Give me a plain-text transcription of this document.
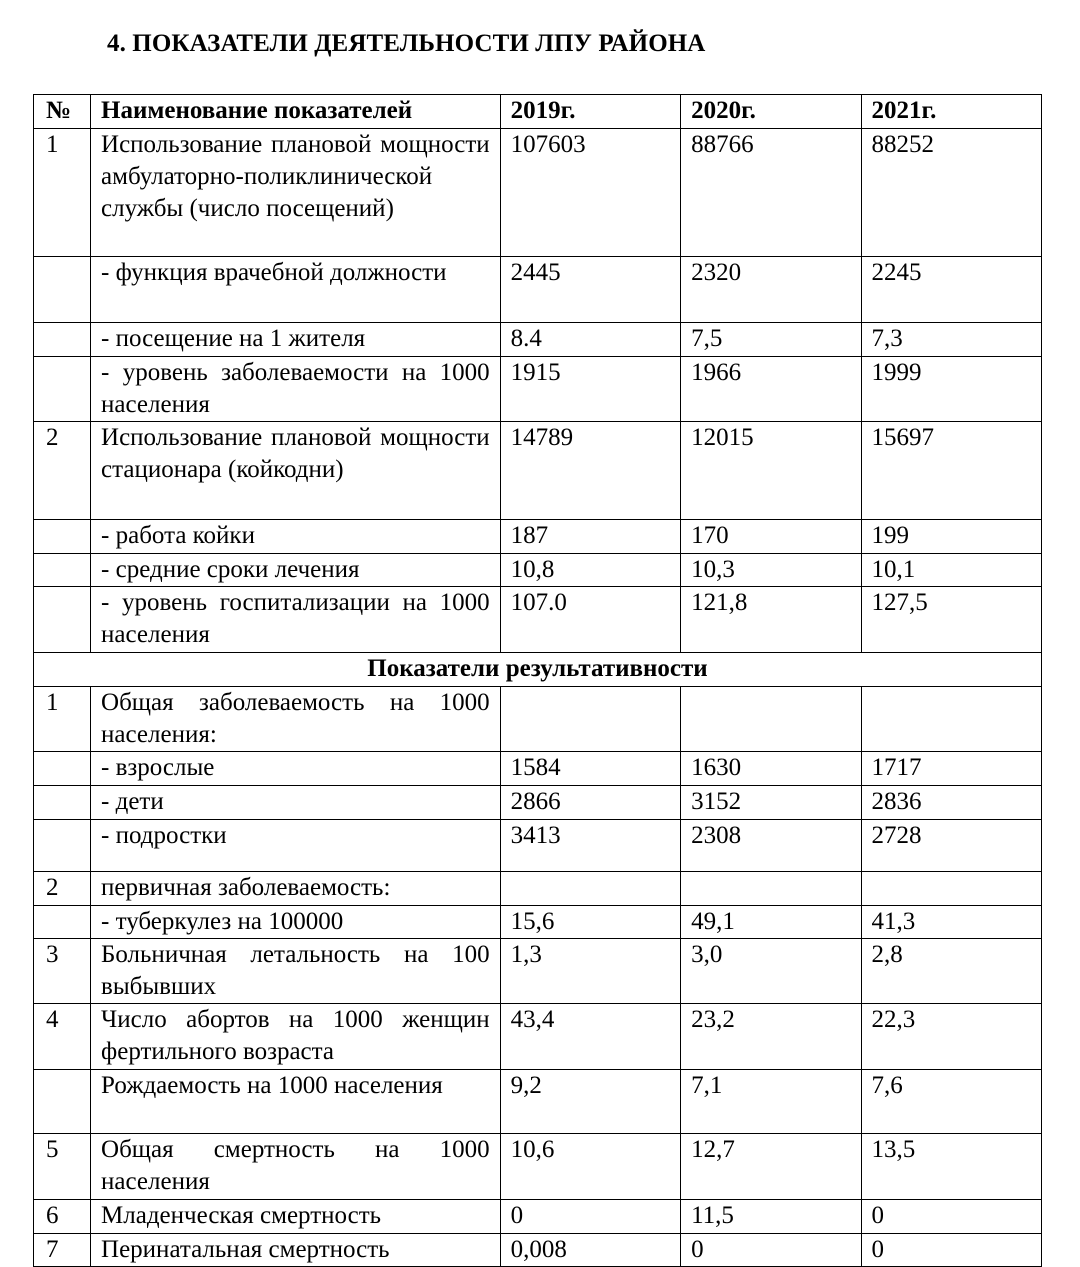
4. ПОКАЗАТЕЛИ ДЕЯТЕЛЬНОСТИ ЛПУ РАЙОНА
№	Наименование показателей	2019г.	2020г.	2021г.
1	Использование плановой мощности амбулаторно-поликлинической службы (число посещений)	107603	88766	88252
	- функция врачебной должности	2445	2320	2245
	- посещение на 1 жителя	8.4	7,5	7,3
	- уровень заболеваемости на 1000 населения	1915	1966	1999
2	Использование плановой мощности стационара (койкодни)	14789	12015	15697
	- работа койки	187	170	199
	- средние сроки лечения	10,8	10,3	10,1
	- уровень госпитализации на 1000 населения	107.0	121,8	127,5
Показатели результативности				
1	Общая заболеваемость на 1000 населения:			
	- взрослые	1584	1630	1717
	- дети	2866	3152	2836
	- подростки	3413	2308	2728
2	первичная заболеваемость:			
	- туберкулез на 100000	15,6	49,1	41,3
3	Больничная летальность на 100 выбывших	1,3	3,0	2,8
4	Число абортов на 1000 женщин фертильного возраста	43,4	23,2	22,3
	Рождаемость на 1000 населения	9,2	7,1	7,6
5	Общая смертность на 1000 населения	10,6	12,7	13,5
6	Младенческая смертность	0	11,5	0
7	Перинатальная смертность	0,008	0	0
